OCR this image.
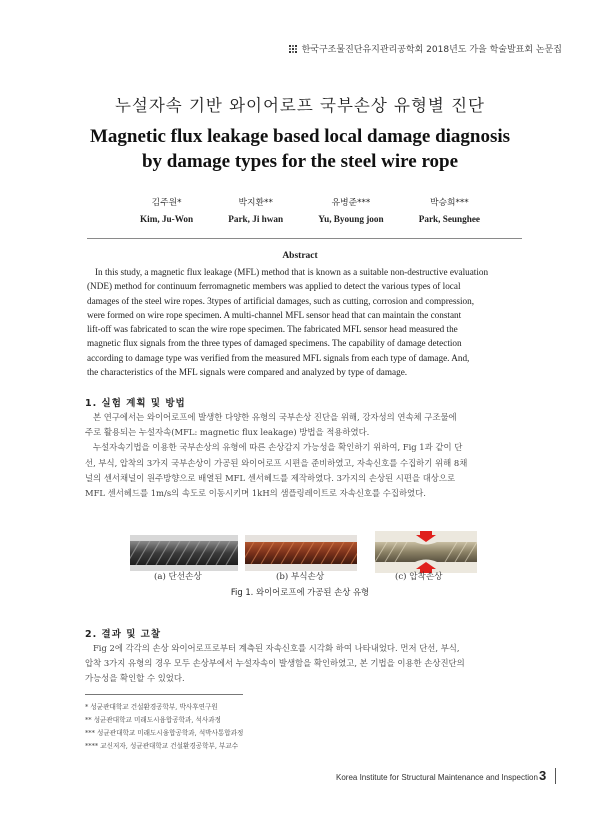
한국구조물진단유지관리공학회 2018년도 가을 학술발표회 논문집
누설자속 기반 와이어로프 국부손상 유형별 진단
Magnetic flux leakage based local damage diagnosis
by damage types for the steel wire rope
김주원*
Kim, Ju-Won
박지환**
Park, Ji hwan
유병준***
Yu, Byoung joon
박승희***
Park, Seunghee
Abstract
In this study, a magnetic flux leakage (MFL) method that is known as a suitable non-destructive evaluation
(NDE) method for continuum ferromagnetic members was applied to detect the various types of local
damages of the steel wire ropes. 3types of artificial damages, such as cutting, corrosion and compression,
were formed on wire rope specimen. A multi-channel MFL sensor head that can maintain the constant
lift-off was fabricated to scan the wire rope specimen. The fabricated MFL sensor head measured the
magnetic flux signals from the three types of damaged specimens. The capability of damage detection
according to damage type was verified from the measured MFL signals from each type of damage. And,
the characteristics of the MFL signals were compared and analyzed by type of damage.
1. 실험 계획 및 방법
본 연구에서는 와이어로프에 발생한 다양한 유형의 국부손상 진단을 위해, 강자성의 연속체 구조물에
주로 활용되는 누설자속(MFL: magnetic flux leakage) 방법을 적용하였다.
누설자속기법을 이용한 국부손상의 유형에 따른 손상감지 가능성을 확인하기 위하여, Fig 1과 같이 단
선, 부식, 압착의 3가지 국부손상이 가공된 와이어로프 시편을 준비하였고, 자속신호를 수집하기 위해 8채
널의 센서채널이 원주방향으로 배열된 MFL 센서헤드를 제작하였다. 3가지의 손상된 시편을 대상으로
MFL 센서헤드를 1m/s의 속도로 이동시키며 1kH의 샘플링레이트로 자속신호를 수집하였다.
(a) 단선손상	(b) 부식손상	(c) 압착손상
Fig 1. 와이어로프에 가공된 손상 유형
2. 결과 및 고찰
Fig 2에 각각의 손상 와이어로프로부터 계측된 자속신호를 시각화 하여 나타내었다. 먼저 단선, 부식,
압착 3가지 유형의 경우 모두 손상부에서 누설자속이 발생함을 확인하였고, 본 기법을 이용한 손상진단의
가능성을 확인할 수 있었다.
* 성균관대학교 건설환경공학부, 박사후연구원
** 성균관대학교 미래도시융합공학과, 석사과정
*** 성균관대학교 미래도시융합공학과, 석박사통합과정
**** 교신저자, 성균관대학교 건설환경공학부, 부교수
Korea Institute for Structural Maintenance and Inspection 3
